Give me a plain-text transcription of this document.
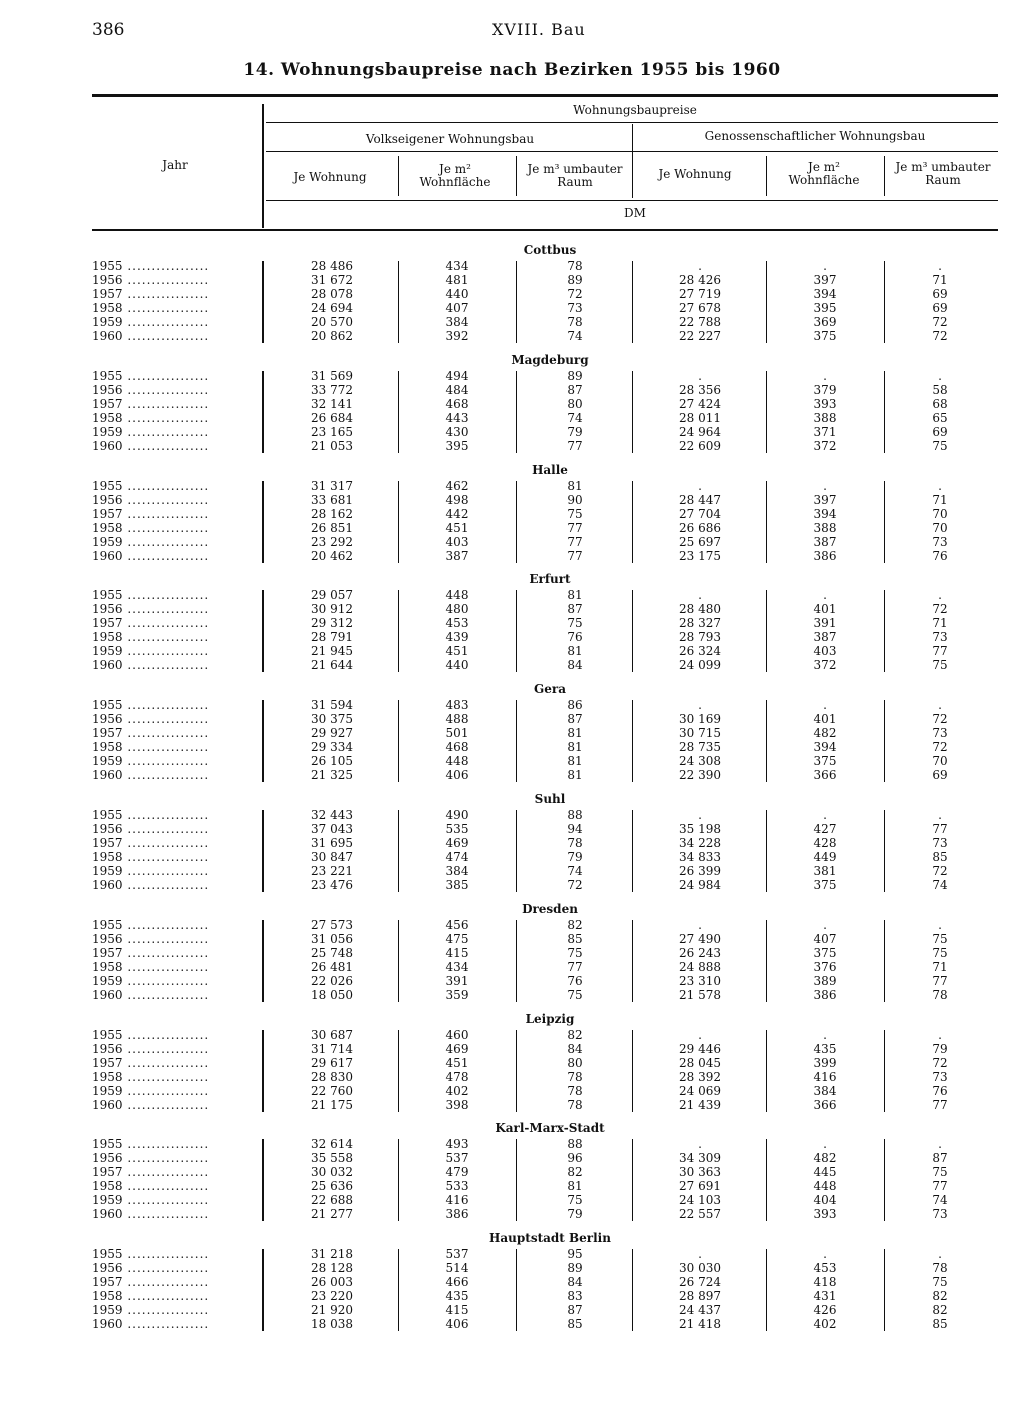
386	XVIII. Bau
14. Wohnungsbaupreise nach Bezirken 1955 bis 1960
Jahr
Wohnungsbaupreise
Volkseigener Wohnungsbau	Genossenschaftlicher Wohnungsbau
Je Wohnung
Je m² Wohnfläche
Je m³ umbauter Raum
Je Wohnung	Je m² Wohnfläche
Je m³ umbauter Raum
DM
Cottbus
1955 .................	28 486	434	78	.	.	.
1956 .................	31 672	481	89	28 426	397	71
1957 .................	28 078	440	72	27 719	394	69
1958 .................	24 694	407	73	27 678	395	69
1959 .................	20 570	384	78	22 788	369	72
1960 .................	20 862	392	74	22 227	375	72
Magdeburg
1955 .................	31 569	494	89	.	.	.
1956 .................	33 772	484	87	28 356	379	58
1957 .................	32 141	468	80	27 424	393	68
1958 .................	26 684	443	74	28 011	388	65
1959 .................	23 165	430	79	24 964	371	69
1960 .................	21 053	395	77	22 609	372	75
Halle
1955 .................	31 317	462	81	.	.	.
1956 .................	33 681	498	90	28 447	397	71
1957 .................	28 162	442	75	27 704	394	70
1958 .................	26 851	451	77	26 686	388	70
1959 .................	23 292	403	77	25 697	387	73
1960 .................	20 462	387	77	23 175	386	76
Erfurt
1955 .................	29 057	448	81	.	.	.
1956 .................	30 912	480	87	28 480	401	72
1957 .................	29 312	453	75	28 327	391	71
1958 .................	28 791	439	76	28 793	387	73
1959 .................	21 945	451	81	26 324	403	77
1960 .................	21 644	440	84	24 099	372	75
Gera
1955 .................	31 594	483	86	.	.	.
1956 .................	30 375	488	87	30 169	401	72
1957 .................	29 927	501	81	30 715	482	73
1958 .................	29 334	468	81	28 735	394	72
1959 .................	26 105	448	81	24 308	375	70
1960 .................	21 325	406	81	22 390	366	69
Suhl
1955 .................	32 443	490	88	.	.	.
1956 .................	37 043	535	94	35 198	427	77
1957 .................	31 695	469	78	34 228	428	73
1958 .................	30 847	474	79	34 833	449	85
1959 .................	23 221	384	74	26 399	381	72
1960 .................	23 476	385	72	24 984	375	74
Dresden
1955 .................	27 573	456	82	.	.	.
1956 .................	31 056	475	85	27 490	407	75
1957 .................	25 748	415	75	26 243	375	75
1958 .................	26 481	434	77	24 888	376	71
1959 .................	22 026	391	76	23 310	389	77
1960 .................	18 050	359	75	21 578	386	78
Leipzig
1955 .................	30 687	460	82	.	.	.
1956 .................	31 714	469	84	29 446	435	79
1957 .................	29 617	451	80	28 045	399	72
1958 .................	28 830	478	78	28 392	416	73
1959 .................	22 760	402	78	24 069	384	76
1960 .................	21 175	398	78	21 439	366	77
Karl-Marx-Stadt
1955 .................	32 614	493	88	.	.	.
1956 .................	35 558	537	96	34 309	482	87
1957 .................	30 032	479	82	30 363	445	75
1958 .................	25 636	533	81	27 691	448	77
1959 .................	22 688	416	75	24 103	404	74
1960 .................	21 277	386	79	22 557	393	73
Hauptstadt Berlin
1955 .................	31 218	537	95	.	.	.
1956 .................	28 128	514	89	30 030	453	78
1957 .................	26 003	466	84	26 724	418	75
1958 .................	23 220	435	83	28 897	431	82
1959 .................	21 920	415	87	24 437	426	82
1960 .................	18 038	406	85	21 418	402	85
